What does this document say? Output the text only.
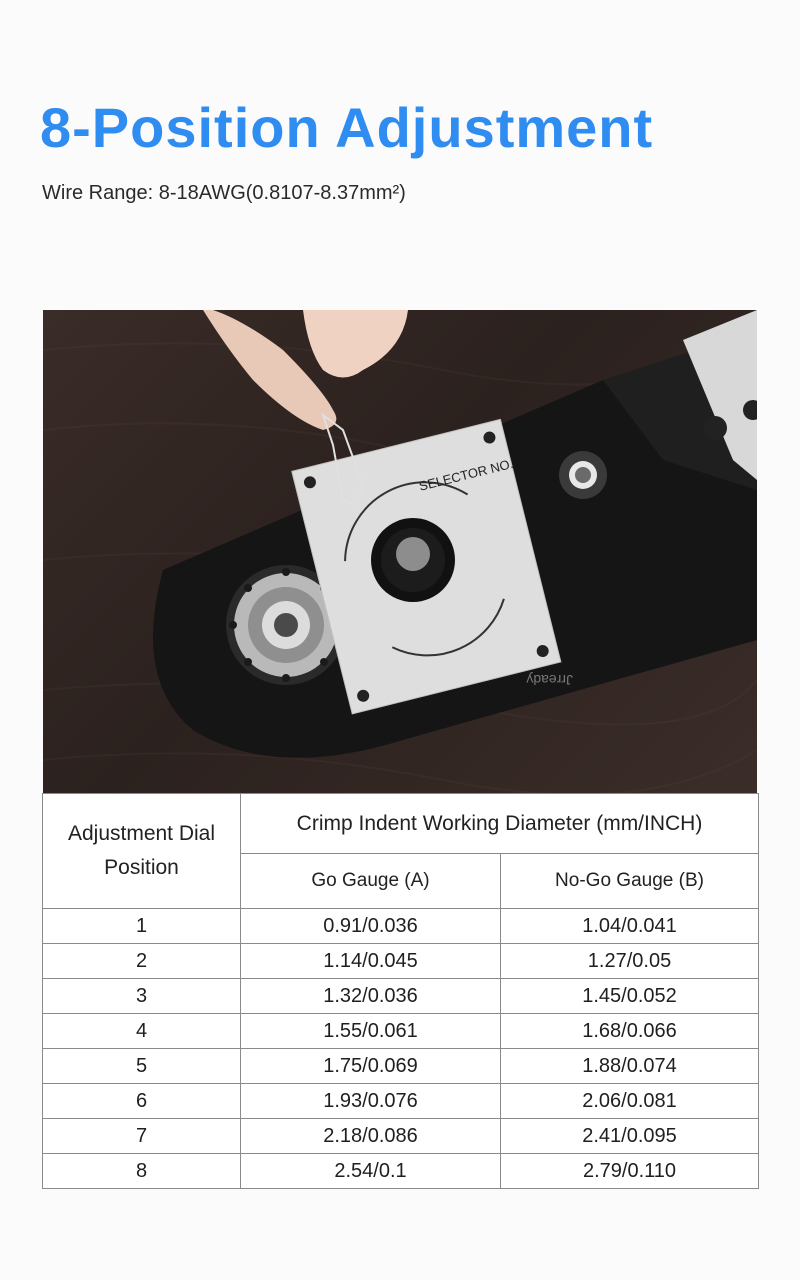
8-Position Adjustment

Wire Range: 8-18AWG(0.8107-8.37mm²)

SELECTOR NO.
Jrready
Adjustment Dial Position	Crimp Indent Working Diameter (mm/INCH)	
	Go Gauge (A)	No-Go Gauge (B)
1	0.91/0.036	1.04/0.041
2	1.14/0.045	1.27/0.05
3	1.32/0.036	1.45/0.052
4	1.55/0.061	1.68/0.066
5	1.75/0.069	1.88/0.074
6	1.93/0.076	2.06/0.081
7	2.18/0.086	2.41/0.095
8	2.54/0.1	2.79/0.110
